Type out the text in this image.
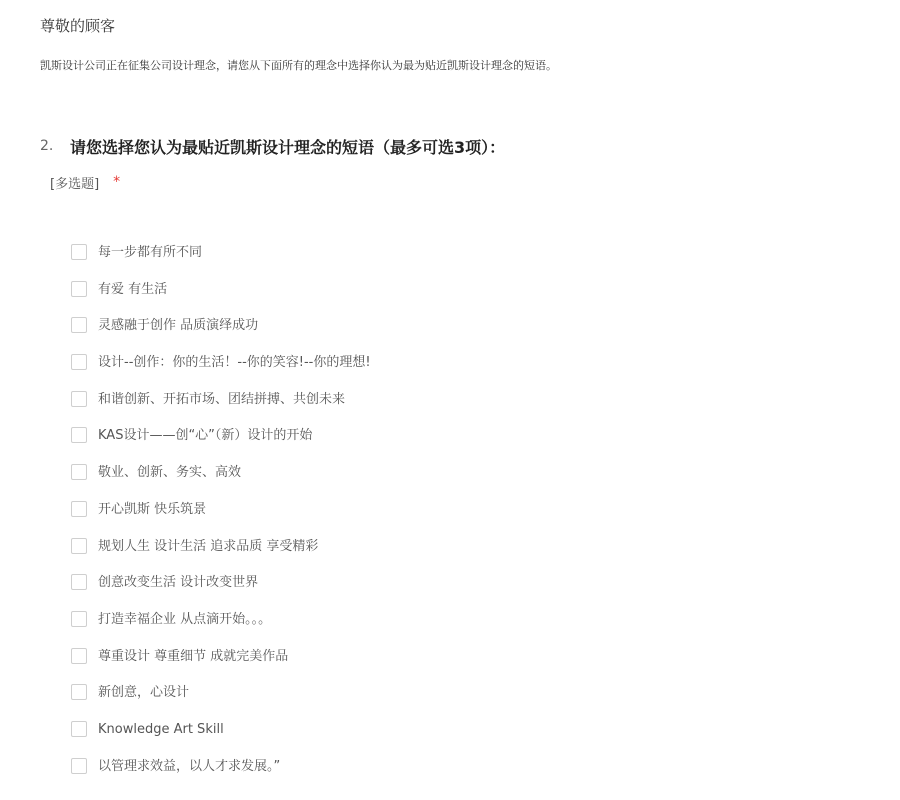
尊敬的顾客
凯斯设计公司正在征集公司设计理念，请您从下面所有的理念中选择你认为最为贴近凯斯设计理念的短语。
2.	请您选择您认为最贴近凯斯设计理念的短语（最多可选3项）：
[多选题] *
每一步都有所不同
有爱 有生活
灵感融于创作 品质演绎成功
设计--创作：你的生活！--你的笑容!--你的理想!
和谐创新、开拓市场、团结拼搏、共创未来
KAS设计——创“心”（新）设计的开始
敬业、创新、务实、高效
开心凯斯 快乐筑景
规划人生 设计生活 追求品质 享受精彩
创意改变生活 设计改变世界
打造幸福企业 从点滴开始。。。
尊重设计 尊重细节 成就完美作品
新创意，心设计
Knowledge Art Skill
以管理求效益，以人才求发展。”
